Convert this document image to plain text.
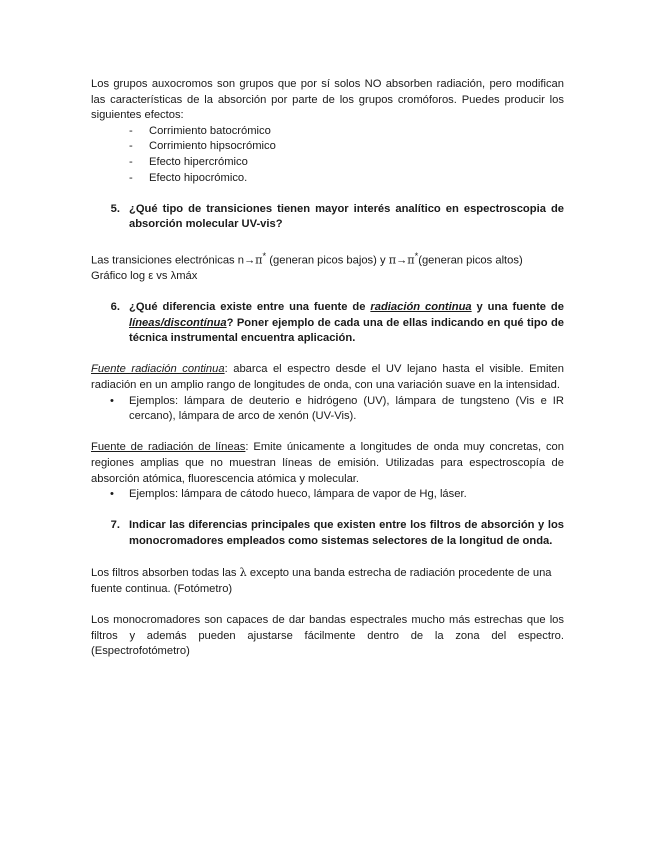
Los grupos auxocromos son grupos que por sí solos NO absorben radiación, pero modifican las características de la absorción por parte de los grupos cromóforos. Puedes producir los siguientes efectos:

- Corrimiento batocrómico
- Corrimiento hipsocrómico
- Efecto hipercrómico
- Efecto hipocrómico.
5. ¿Qué tipo de transiciones tienen mayor interés analítico en espectroscopia de absorción molecular UV-vis?

Las transiciones electrónicas n→π* (generan picos bajos) y π→π*(generan picos altos)

Gráfico log ε vs λmáx

6. ¿Qué diferencia existe entre una fuente de radiación continua y una fuente de líneas/discontínua? Poner ejemplo de cada una de ellas indicando en qué tipo de técnica instrumental encuentra aplicación.

Fuente radiación continua: abarca el espectro desde el UV lejano hasta el visible. Emiten radiación en un amplio rango de longitudes de onda, con una variación suave en la intensidad.

• Ejemplos: lámpara de deuterio e hidrógeno (UV), lámpara de tungsteno (Vis e IR cercano), lámpara de arco de xenón (UV-Vis).

Fuente de radiación de líneas: Emite únicamente a longitudes de onda muy concretas, con regiones amplias que no muestran líneas de emisión. Utilizadas para espectroscopía de absorción atómica, fluorescencia atómica y molecular.

• Ejemplos: lámpara de cátodo hueco, lámpara de vapor de Hg, láser.
7. Indicar las diferencias principales que existen entre los filtros de absorción y los monocromadores empleados como sistemas selectores de la longitud de onda.

Los filtros absorben todas las λ excepto una banda estrecha de radiación procedente de una fuente continua. (Fotómetro)

Los monocromadores son capaces de dar bandas espectrales mucho más estrechas que los filtros y además pueden ajustarse fácilmente dentro de la zona del espectro. (Espectrofotómetro)
